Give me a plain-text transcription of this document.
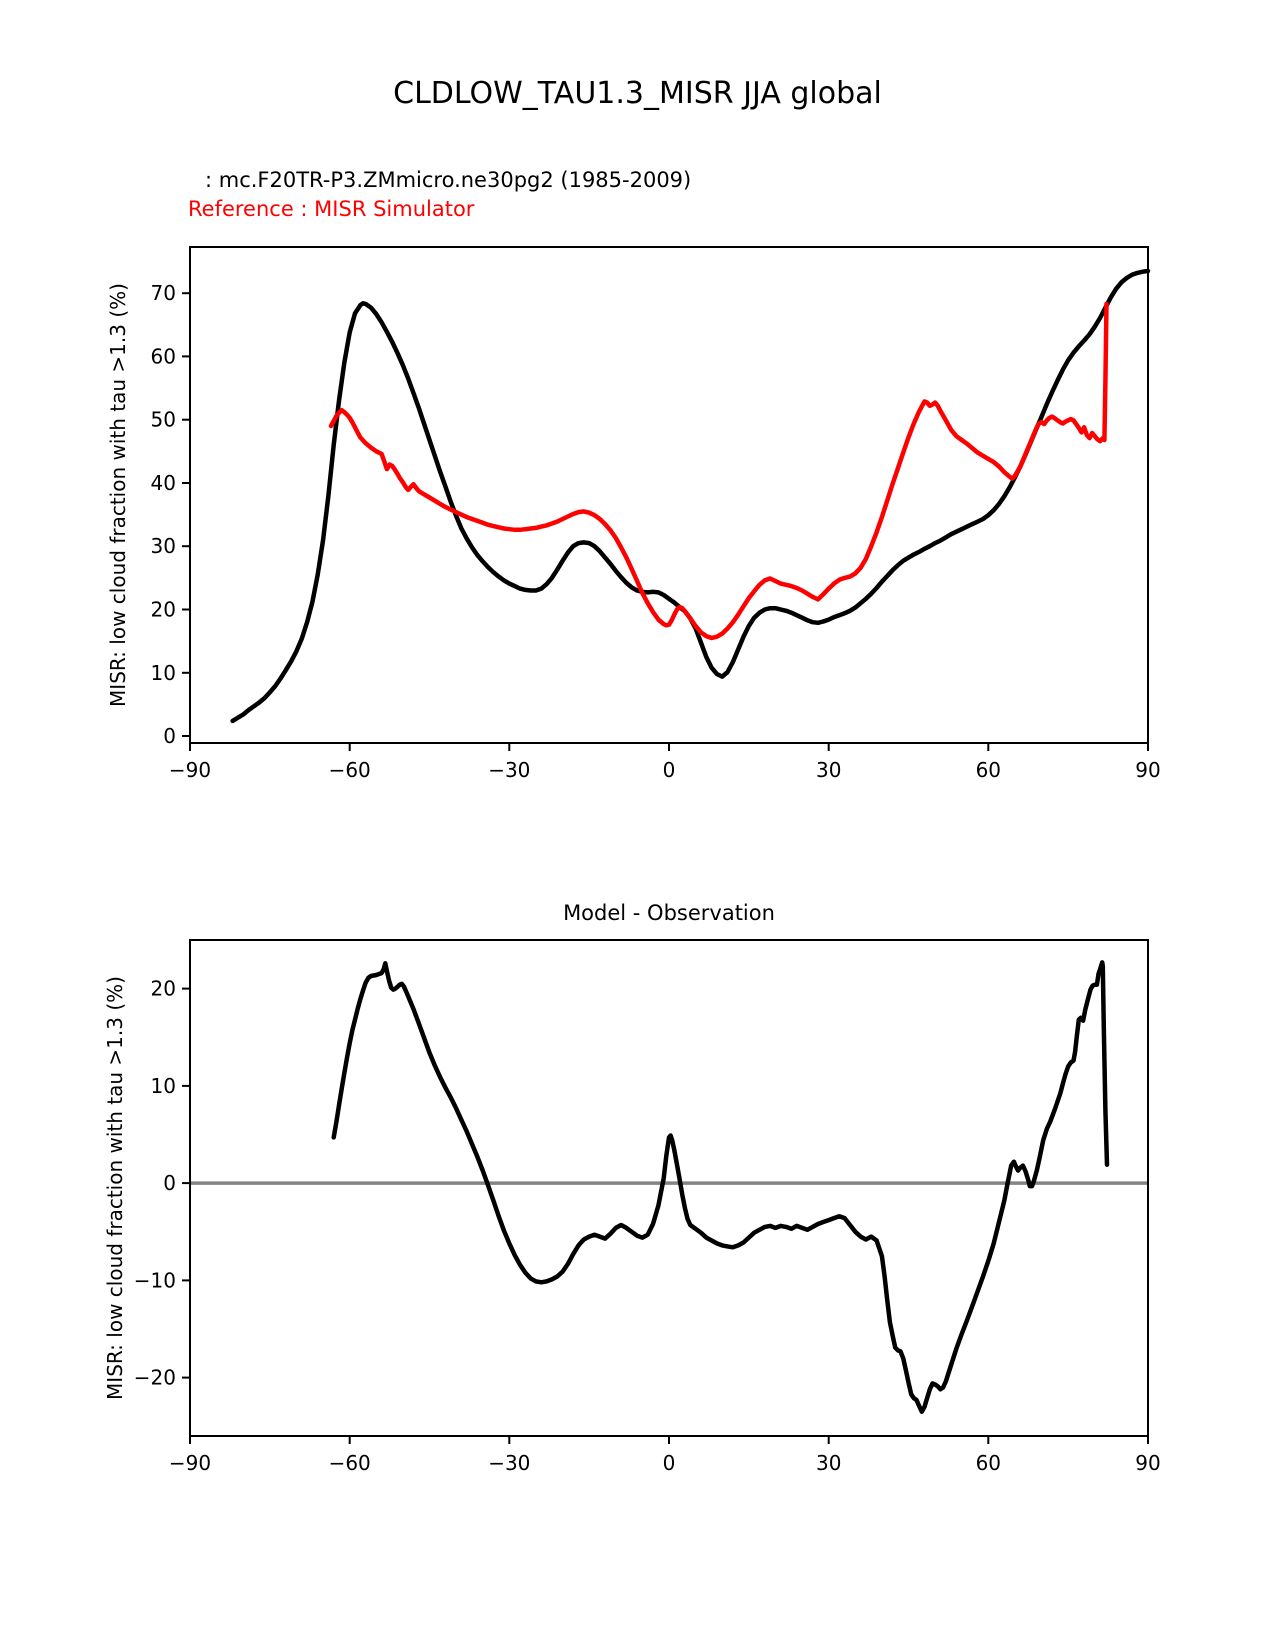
CLDLOW_TAU1.3_MISR JJA global
: mc.F20TR-P3.ZMmicro.ne30pg2 (1985-2009)
Reference : MISR Simulator
MISR: low cloud fraction with tau >1.3 (%)
−90	−60	−30	0	30	60	90
0
10
20
30
40
50
60
70
Model - Observation
MISR: low cloud fraction with tau >1.3 (%)
−90	−60	−30	0	30	60	90
−20
−10
0
10
20
